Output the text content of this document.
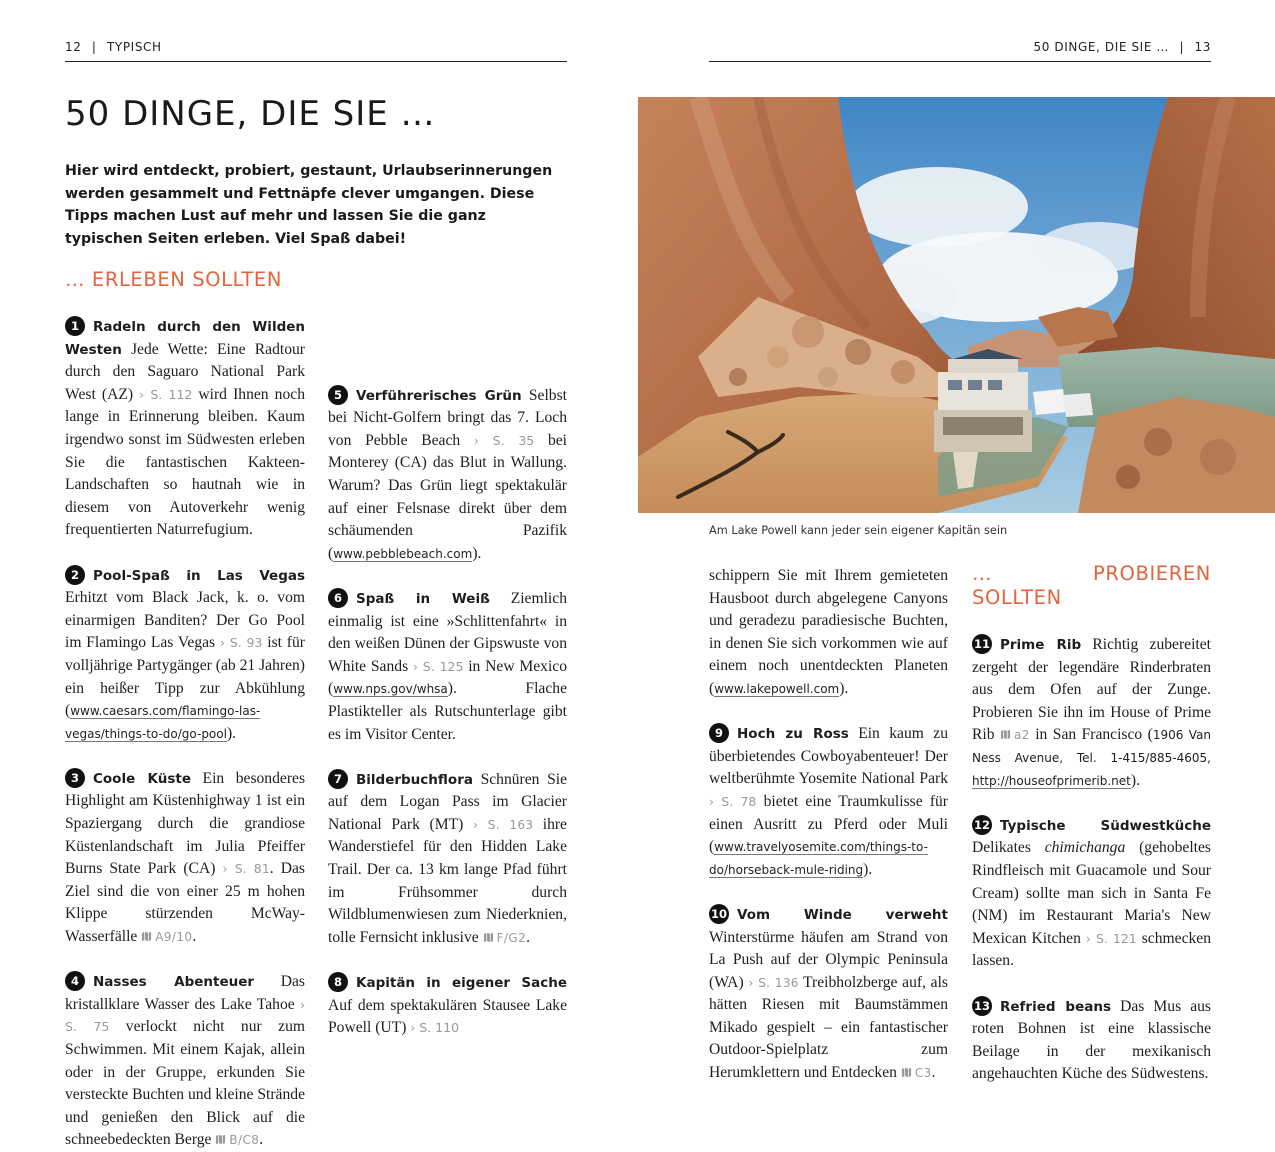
12 | TYPISCH	50 DINGE, DIE SIE … | 13
50 DINGE, DIE SIE …

Hier wird entdeckt, probiert, gestaunt, Urlaubserinnerungen werden gesammelt und Fettnäpfe clever umgangen. Diese Tipps machen Lust auf mehr und lassen Sie die ganz typischen Seiten erleben. Viel Spaß dabei!

… ERLEBEN SOLLTEN

1 Radeln durch den Wilden Westen Jede Wette: Eine Radtour durch den Saguaro National Park West (AZ) › S. 112 wird Ihnen noch lange in Erinnerung bleiben. Kaum irgendwo sonst im Südwesten erleben Sie die fantastischen Kakteen-Landschaften so hautnah wie in diesem von Autoverkehr wenig frequentierten Naturrefugium.

2 Pool-Spaß in Las Vegas Erhitzt vom Black Jack, k. o. vom einarmigen Banditen? Der Go Pool im Flamingo Las Vegas › S. 93 ist für volljährige Partygänger (ab 21 Jahren) ein heißer Tipp zur Abkühlung (www.caesars.com/flamingo-las-vegas/things-to-do/go-pool).

3 Coole Küste Ein besonderes Highlight am Küstenhighway 1 ist ein Spaziergang durch die grandiose Küstenlandschaft im Julia Pfeiffer Burns State Park (CA) › S. 81. Das Ziel sind die von einer 25 m hohen Klippe stürzenden McWay-Wasserfälle A9/10.

4 Nasses Abenteuer Das kristallklare Wasser des Lake Tahoe › S. 75 verlockt nicht nur zum Schwimmen. Mit einem Kajak, allein oder in der Gruppe, erkunden Sie versteckte Buchten und kleine Strände und genießen den Blick auf die schneebedeckten Berge B/C8.

5 Verführerisches Grün Selbst bei Nicht-Golfern bringt das 7. Loch von Pebble Beach › S. 35 bei Monterey (CA) das Blut in Wallung. Warum? Das Grün liegt spektakulär auf einer Felsnase direkt über dem schäumenden Pazifik (www.pebblebeach.com).

6 Spaß in Weiß Ziemlich einmalig ist eine »Schlittenfahrt« in den weißen Dünen der Gipswuste von White Sands › S. 125 in New Mexico (www.nps.gov/whsa). Flache Plastikteller als Rutschunterlage gibt es im Visitor Center.

7 Bilderbuchflora Schnüren Sie auf dem Logan Pass im Glacier National Park (MT) › S. 163 ihre Wanderstiefel für den Hidden Lake Trail. Der ca. 13 km lange Pfad führt im Frühsommer durch Wildblumenwiesen zum Niederknien, tolle Fernsicht inklusive F/G2.

8 Kapitän in eigener Sache Auf dem spektakulären Stausee Lake Powell (UT) › S. 110

Am Lake Powell kann jeder sein eigener Kapitän sein

schippern Sie mit Ihrem gemieteten Hausboot durch abgelegene Canyons und geradezu paradiesische Buchten, in denen Sie sich vorkommen wie auf einem noch unentdeckten Planeten (www.lakepowell.com).

9 Hoch zu Ross Ein kaum zu überbietendes Cowboyabenteuer! Der weltberühmte Yosemite National Park › S. 78 bietet eine Traumkulisse für einen Ausritt zu Pferd oder Muli (www.travelyosemite.com/things-to-do/horseback-mule-riding).

10 Vom Winde verweht Winterstürme häufen am Strand von La Push auf der Olympic Peninsula (WA) › S. 136 Treibholzberge auf, als hätten Riesen mit Baumstämmen Mikado gespielt – ein fantastischer Outdoor-Spielplatz zum Herumklettern und Entdecken C3.

… PROBIEREN SOLLTEN

11 Prime Rib Richtig zubereitet zergeht der legendäre Rinderbraten aus dem Ofen auf der Zunge. Probieren Sie ihn im House of Prime Rib a2 in San Francisco (1906 Van Ness Avenue, Tel. 1-415/885-4605, http://houseofprimerib.net).

12 Typische Südwestküche Delikates chimichanga (gehobeltes Rindfleisch mit Guacamole und Sour Cream) sollte man sich in Santa Fe (NM) im Restaurant Maria's New Mexican Kitchen › S. 121 schmecken lassen.

13 Refried beans Das Mus aus roten Bohnen ist eine klassische Beilage in der mexikanisch angehauchten Küche des Südwestens.
